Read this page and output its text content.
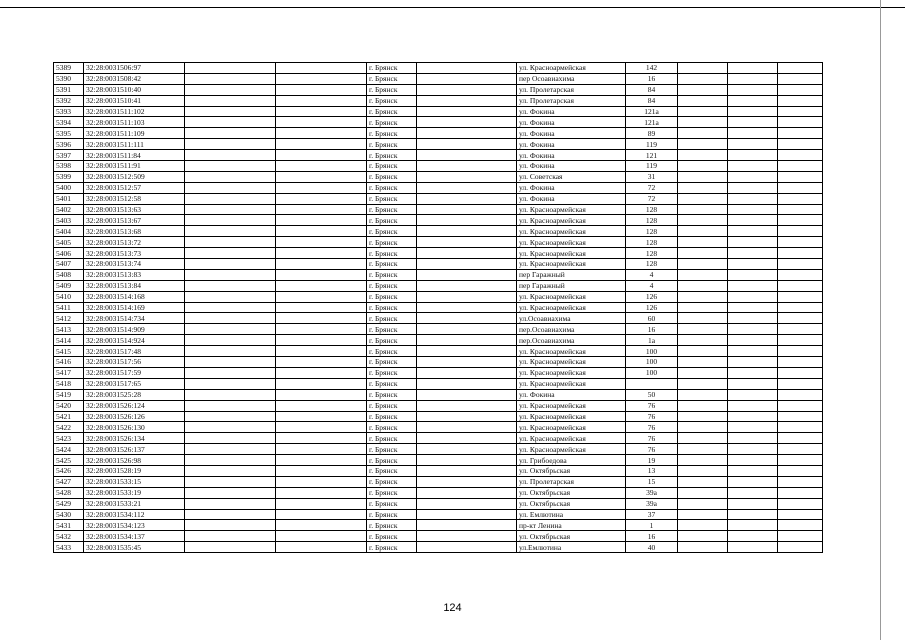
5389	32:28:0031506:97			г. Брянск		ул. Красноармейская	142			
5390	32:28:0031508:42			г. Брянск		пер Осоавиахима	16			
5391	32:28:0031510:40			г. Брянск		ул. Пролетарская	84			
5392	32:28:0031510:41			г. Брянск		ул. Пролетарская	84			
5393	32:28:0031511:102			г. Брянск		ул. Фокина	121а			
5394	32:28:0031511:103			г. Брянск		ул. Фокина	121а			
5395	32:28:0031511:109			г. Брянск		ул. Фокина	89			
5396	32:28:0031511:111			г. Брянск		ул. Фокина	119			
5397	32:28:0031511:84			г. Брянск		ул. Фокина	121			
5398	32:28:0031511:91			г. Брянск		ул. Фокина	119			
5399	32:28:0031512:509			г. Брянск		ул. Советская	31			
5400	32:28:0031512:57			г. Брянск		ул. Фокина	72			
5401	32:28:0031512:58			г. Брянск		ул. Фокина	72			
5402	32:28:0031513:63			г. Брянск		ул. Красноармейская	128			
5403	32:28:0031513:67			г. Брянск		ул. Красноармейская	128			
5404	32:28:0031513:68			г. Брянск		ул. Красноармейская	128			
5405	32:28:0031513:72			г. Брянск		ул. Красноармейская	128			
5406	32:28:0031513:73			г. Брянск		ул. Красноармейская	128			
5407	32:28:0031513:74			г. Брянск		ул. Красноармейская	128			
5408	32:28:0031513:83			г. Брянск		пер Гаражный	4			
5409	32:28:0031513:84			г. Брянск		пер Гаражный	4			
5410	32:28:0031514:168			г. Брянск		ул. Красноармейская	126			
5411	32:28:0031514:169			г. Брянск		ул. Красноармейская	126			
5412	32:28:0031514:734			г. Брянск		ул.Осоавиахима	60			
5413	32:28:0031514:909			г. Брянск		пер.Осоавиахима	16			
5414	32:28:0031514:924			г. Брянск		пер.Осоавиахима	1а			
5415	32:28:0031517:48			г. Брянск		ул. Красноармейская	100			
5416	32:28:0031517:56			г. Брянск		ул. Красноармейская	100			
5417	32:28:0031517:59			г. Брянск		ул. Красноармейская	100			
5418	32:28:0031517:65			г. Брянск		ул. Красноармейская				
5419	32:28:0031525:28			г. Брянск		ул. Фокина	50			
5420	32:28:0031526:124			г. Брянск		ул. Красноармейская	76			
5421	32:28:0031526:126			г. Брянск		ул. Красноармейская	76			
5422	32:28:0031526:130			г. Брянск		ул. Красноармейская	76			
5423	32:28:0031526:134			г. Брянск		ул. Красноармейская	76			
5424	32:28:0031526:137			г. Брянск		ул. Красноармейская	76			
5425	32:28:0031526:98			г. Брянск		ул. Грибоедова	19			
5426	32:28:0031528:19			г. Брянск		ул. Октябрьская	13			
5427	32:28:0031533:15			г. Брянск		ул. Пролетарская	15			
5428	32:28:0031533:19			г. Брянск		ул. Октябрьская	39а			
5429	32:28:0031533:21			г. Брянск		ул. Октябрьская	39а			
5430	32:28:0031534:112			г. Брянск		ул. Емлютина	37			
5431	32:28:0031534:123			г. Брянск		пр-кт Ленина	1			
5432	32:28:0031534:137			г. Брянск		ул. Октябрьская	16			
5433	32:28:0031535:45			г. Брянск		ул.Емлютина	40			
124
